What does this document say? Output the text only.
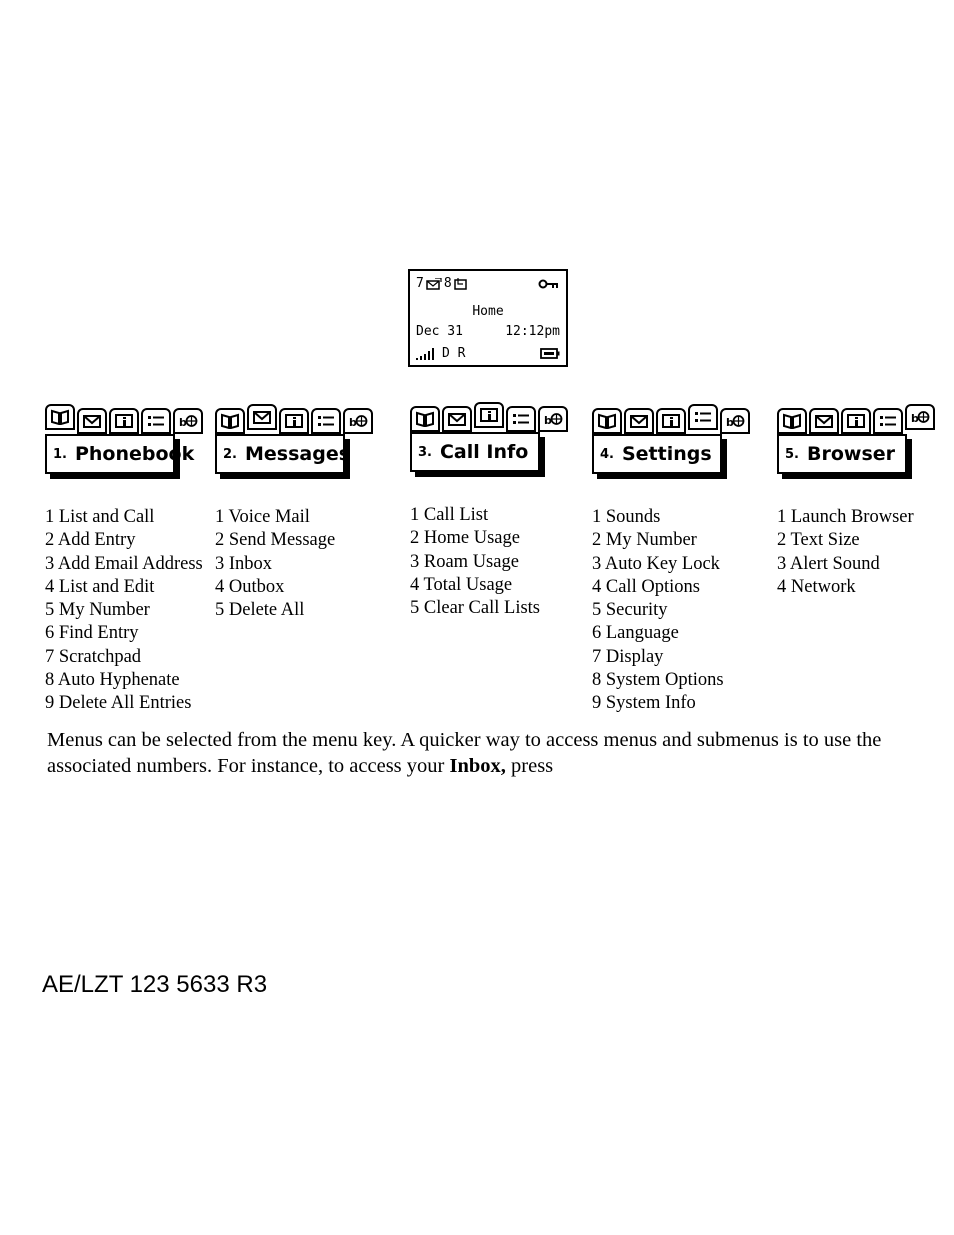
7 8
Home
Dec 31	12:12pm
D R
b
1. Phonebook
1 List and Call
2 Add Entry
3 Add Email Address
4 List and Edit
5 My Number
6 Find Entry
7 Scratchpad
8 Auto Hyphenate
9 Delete All Entries
b
2. Messages
1 Voice Mail
2 Send Message
3 Inbox
4 Outbox
5 Delete All
b
3. Call Info
1 Call List
2 Home Usage
3 Roam Usage
4 Total Usage
5 Clear Call Lists
b
4. Settings
1 Sounds
2 My Number
3 Auto Key Lock
4 Call Options
5 Security
6 Language
7 Display
8 System Options
9 System Info
b
5. Browser
1 Launch Browser
2 Text Size
3 Alert Sound
4 Network
Menus can be selected from the menu key. A quicker way to access menus and submenus is to use the associated numbers. For instance, to access your Inbox, press
AE/LZT 123 5633 R3
